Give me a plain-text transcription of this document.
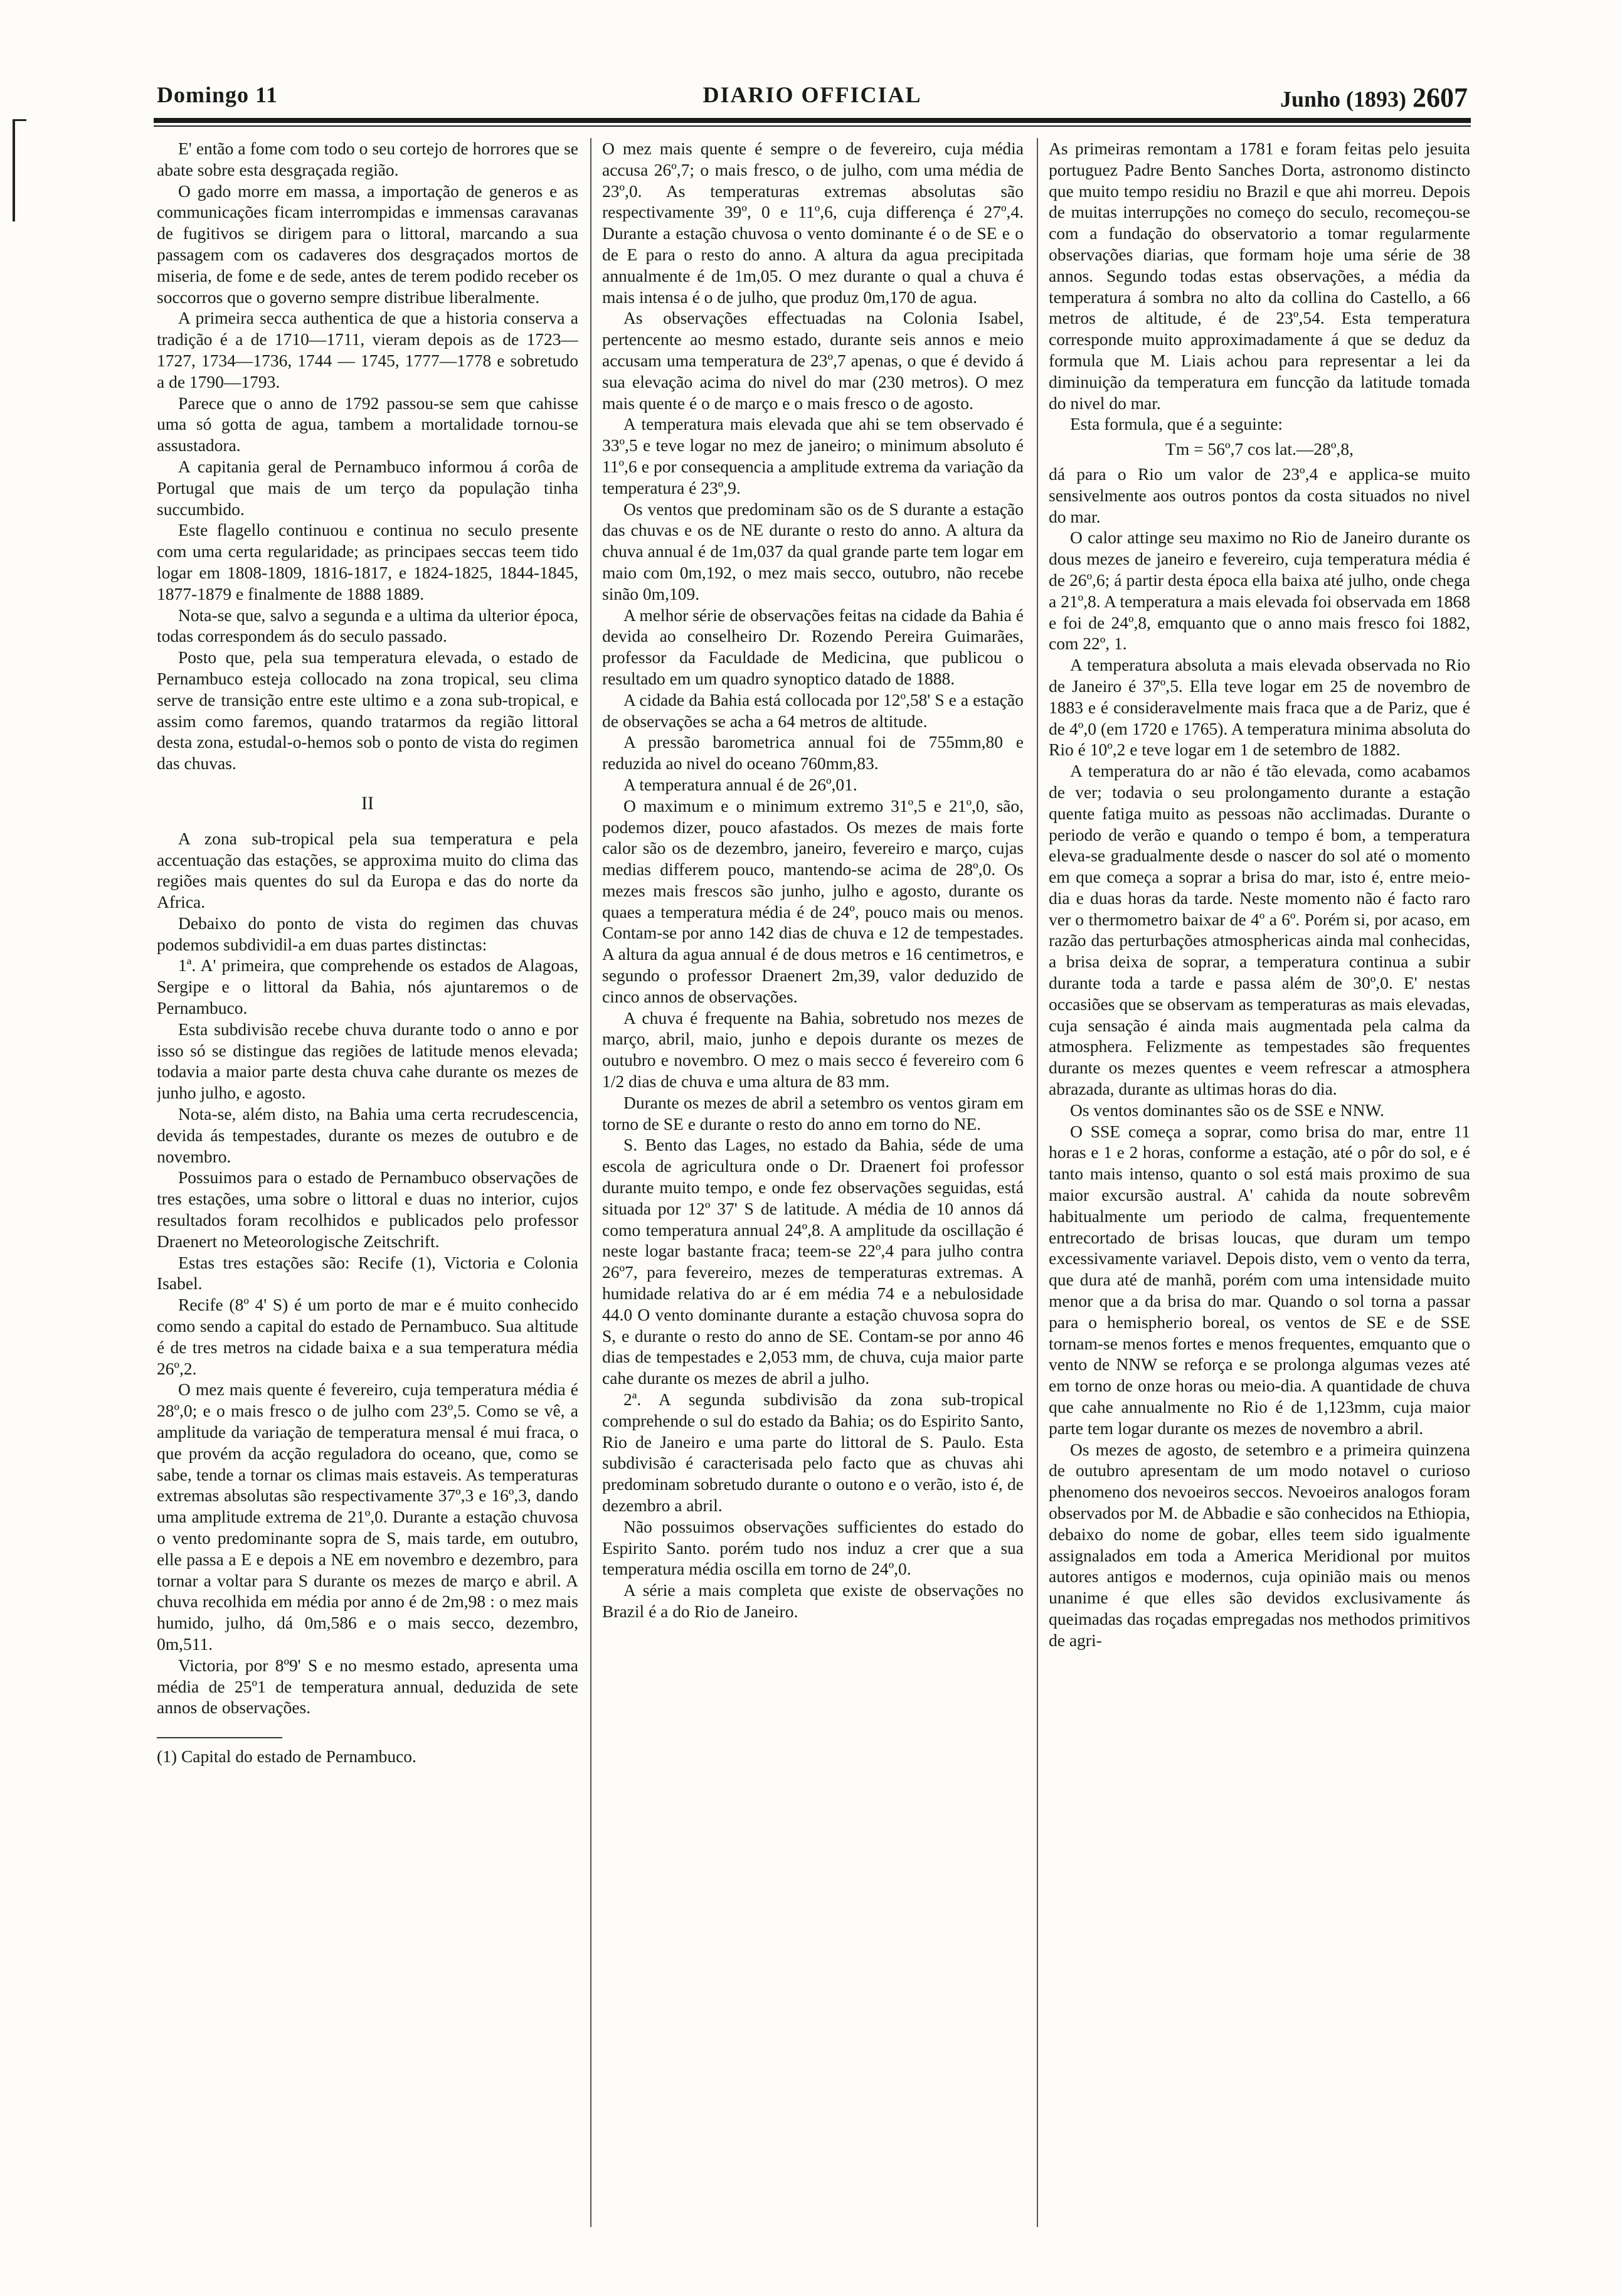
Domingo 11	DIARIO OFFICIAL	Junho (1893) 2607

E' então a fome com todo o seu cortejo de horrores que se abate sobre esta desgraçada região.

O gado morre em massa, a importação de generos e as communicações ficam interrompidas e immensas caravanas de fugitivos se dirigem para o littoral, marcando a sua passagem com os cadaveres dos desgraçados mortos de miseria, de fome e de sede, antes de terem podido receber os soccorros que o governo sempre distribue liberalmente.

A primeira secca authentica de que a historia conserva a tradição é a de 1710—1711, vieram depois as de 1723—1727, 1734—1736, 1744 — 1745, 1777—1778 e sobretudo a de 1790—1793.

Parece que o anno de 1792 passou-se sem que cahisse uma só gotta de agua, tambem a mortalidade tornou-se assustadora.

A capitania geral de Pernambuco informou á corôa de Portugal que mais de um terço da população tinha succumbido.

Este flagello continuou e continua no seculo presente com uma certa regularidade; as principaes seccas teem tido logar em 1808-1809, 1816-1817, e 1824-1825, 1844-1845, 1877-1879 e finalmente de 1888 1889.

Nota-se que, salvo a segunda e a ultima da ulterior época, todas correspondem ás do seculo passado.

Posto que, pela sua temperatura elevada, o estado de Pernambuco esteja collocado na zona tropical, seu clima serve de transição entre este ultimo e a zona sub-tropical, e assim como faremos, quando tratarmos da região littoral desta zona, estudal-o-hemos sob o ponto de vista do regimen das chuvas.

II

A zona sub-tropical pela sua temperatura e pela accentuação das estações, se approxima muito do clima das regiões mais quentes do sul da Europa e das do norte da Africa.

Debaixo do ponto de vista do regimen das chuvas podemos subdividil-a em duas partes distinctas:

1ª. A' primeira, que comprehende os estados de Alagoas, Sergipe e o littoral da Bahia, nós ajuntaremos o de Pernambuco.

Esta subdivisão recebe chuva durante todo o anno e por isso só se distingue das regiões de latitude menos elevada; todavia a maior parte desta chuva cahe durante os mezes de junho julho, e agosto.

Nota-se, além disto, na Bahia uma certa recrudescencia, devida ás tempestades, durante os mezes de outubro e de novembro.

Possuimos para o estado de Pernambuco observações de tres estações, uma sobre o littoral e duas no interior, cujos resultados foram recolhidos e publicados pelo professor Draenert no Meteorologische Zeitschrift.

Estas tres estações são: Recife (1), Victoria e Colonia Isabel.

Recife (8º 4' S) é um porto de mar e é muito conhecido como sendo a capital do estado de Pernambuco. Sua altitude é de tres metros na cidade baixa e a sua temperatura média 26º,2.

O mez mais quente é fevereiro, cuja temperatura média é 28º,0; e o mais fresco o de julho com 23º,5. Como se vê, a amplitude da variação de temperatura mensal é mui fraca, o que provém da acção reguladora do oceano, que, como se sabe, tende a tornar os climas mais estaveis. As temperaturas extremas absolutas são respectivamente 37º,3 e 16º,3, dando uma amplitude extrema de 21º,0. Durante a estação chuvosa o vento predominante sopra de S, mais tarde, em outubro, elle passa a E e depois a NE em novembro e dezembro, para tornar a voltar para S durante os mezes de março e abril. A chuva recolhida em média por anno é de 2m,98 : o mez mais humido, julho, dá 0m,586 e o mais secco, dezembro, 0m,511.

Victoria, por 8º9' S e no mesmo estado, apresenta uma média de 25º1 de temperatura annual, deduzida de sete annos de observações.

(1) Capital do estado de Pernambuco.

O mez mais quente é sempre o de fevereiro, cuja média accusa 26º,7; o mais fresco, o de julho, com uma média de 23º,0. As temperaturas extremas absolutas são respectivamente 39º, 0 e 11º,6, cuja differença é 27º,4. Durante a estação chuvosa o vento dominante é o de SE e o de E para o resto do anno. A altura da agua precipitada annualmente é de 1m,05. O mez durante o qual a chuva é mais intensa é o de julho, que produz 0m,170 de agua.

As observações effectuadas na Colonia Isabel, pertencente ao mesmo estado, durante seis annos e meio accusam uma temperatura de 23º,7 apenas, o que é devido á sua elevação acima do nivel do mar (230 metros). O mez mais quente é o de março e o mais fresco o de agosto.

A temperatura mais elevada que ahi se tem observado é 33º,5 e teve logar no mez de janeiro; o minimum absoluto é 11º,6 e por consequencia a amplitude extrema da variação da temperatura é 23º,9.

Os ventos que predominam são os de S durante a estação das chuvas e os de NE durante o resto do anno. A altura da chuva annual é de 1m,037 da qual grande parte tem logar em maio com 0m,192, o mez mais secco, outubro, não recebe sinão 0m,109.

A melhor série de observações feitas na cidade da Bahia é devida ao conselheiro Dr. Rozendo Pereira Guimarães, professor da Faculdade de Medicina, que publicou o resultado em um quadro synoptico datado de 1888.

A cidade da Bahia está collocada por 12º,58' S e a estação de observações se acha a 64 metros de altitude.

A pressão barometrica annual foi de 755mm,80 e reduzida ao nivel do oceano 760mm,83.

A temperatura annual é de 26º,01.

O maximum e o minimum extremo 31º,5 e 21º,0, são, podemos dizer, pouco afastados. Os mezes de mais forte calor são os de dezembro, janeiro, fevereiro e março, cujas medias differem pouco, mantendo-se acima de 28º,0. Os mezes mais frescos são junho, julho e agosto, durante os quaes a temperatura média é de 24º, pouco mais ou menos. Contam-se por anno 142 dias de chuva e 12 de tempestades. A altura da agua annual é de dous metros e 16 centimetros, e segundo o professor Draenert 2m,39, valor deduzido de cinco annos de observações.

A chuva é frequente na Bahia, sobretudo nos mezes de março, abril, maio, junho e depois durante os mezes de outubro e novembro. O mez o mais secco é fevereiro com 6 1/2 dias de chuva e uma altura de 83 mm.

Durante os mezes de abril a setembro os ventos giram em torno de SE e durante o resto do anno em torno do NE.

S. Bento das Lages, no estado da Bahia, séde de uma escola de agricultura onde o Dr. Draenert foi professor durante muito tempo, e onde fez observações seguidas, está situada por 12º 37' S de latitude. A média de 10 annos dá como temperatura annual 24º,8. A amplitude da oscillação é neste logar bastante fraca; teem-se 22º,4 para julho contra 26º7, para fevereiro, mezes de temperaturas extremas. A humidade relativa do ar é em média 74 e a nebulosidade 44.0 O vento dominante durante a estação chuvosa sopra do S, e durante o resto do anno de SE. Contam-se por anno 46 dias de tempestades e 2,053 mm, de chuva, cuja maior parte cahe durante os mezes de abril a julho.

2ª. A segunda subdivisão da zona sub-tropical comprehende o sul do estado da Bahia; os do Espirito Santo, Rio de Janeiro e uma parte do littoral de S. Paulo. Esta subdivisão é caracterisada pelo facto que as chuvas ahi predominam sobretudo durante o outono e o verão, isto é, de dezembro a abril.

Não possuimos observações sufficientes do estado do Espirito Santo. porém tudo nos induz a crer que a sua temperatura média oscilla em torno de 24º,0.

A série a mais completa que existe de observações no Brazil é a do Rio de Janeiro.

As primeiras remontam a 1781 e foram feitas pelo jesuita portuguez Padre Bento Sanches Dorta, astronomo distincto que muito tempo residiu no Brazil e que ahi morreu. Depois de muitas interrupções no começo do seculo, recomeçou-se com a fundação do observatorio a tomar regularmente observações diarias, que formam hoje uma série de 38 annos. Segundo todas estas observações, a média da temperatura á sombra no alto da collina do Castello, a 66 metros de altitude, é de 23º,54. Esta temperatura corresponde muito approximadamente á que se deduz da formula que M. Liais achou para representar a lei da diminuição da temperatura em funcção da latitude tomada do nivel do mar.

Esta formula, que é a seguinte:

Tm = 56º,7 cos lat.—28º,8,

dá para o Rio um valor de 23º,4 e applica-se muito sensivelmente aos outros pontos da costa situados no nivel do mar.

O calor attinge seu maximo no Rio de Janeiro durante os dous mezes de janeiro e fevereiro, cuja temperatura média é de 26º,6; á partir desta época ella baixa até julho, onde chega a 21º,8. A temperatura a mais elevada foi observada em 1868 e foi de 24º,8, emquanto que o anno mais fresco foi 1882, com 22º, 1.

A temperatura absoluta a mais elevada observada no Rio de Janeiro é 37º,5. Ella teve logar em 25 de novembro de 1883 e é consideravelmente mais fraca que a de Pariz, que é de 4º,0 (em 1720 e 1765). A temperatura minima absoluta do Rio é 10º,2 e teve logar em 1 de setembro de 1882.

A temperatura do ar não é tão elevada, como acabamos de ver; todavia o seu prolongamento durante a estação quente fatiga muito as pessoas não acclimadas. Durante o periodo de verão e quando o tempo é bom, a temperatura eleva-se gradualmente desde o nascer do sol até o momento em que começa a soprar a brisa do mar, isto é, entre meio-dia e duas horas da tarde. Neste momento não é facto raro ver o thermometro baixar de 4º a 6º. Porém si, por acaso, em razão das perturbações atmosphericas ainda mal conhecidas, a brisa deixa de soprar, a temperatura continua a subir durante toda a tarde e passa além de 30º,0. E' nestas occasiões que se observam as temperaturas as mais elevadas, cuja sensação é ainda mais augmentada pela calma da atmosphera. Felizmente as tempestades são frequentes durante os mezes quentes e veem refrescar a atmosphera abrazada, durante as ultimas horas do dia.

Os ventos dominantes são os de SSE e NNW.

O SSE começa a soprar, como brisa do mar, entre 11 horas e 1 e 2 horas, conforme a estação, até o pôr do sol, e é tanto mais intenso, quanto o sol está mais proximo de sua maior excursão austral. A' cahida da noute sobrevêm habitualmente um periodo de calma, frequentemente entrecortado de brisas loucas, que duram um tempo excessivamente variavel. Depois disto, vem o vento da terra, que dura até de manhã, porém com uma intensidade muito menor que a da brisa do mar. Quando o sol torna a passar para o hemispherio boreal, os ventos de SE e de SSE tornam-se menos fortes e menos frequentes, emquanto que o vento de NNW se reforça e se prolonga algumas vezes até em torno de onze horas ou meio-dia. A quantidade de chuva que cahe annualmente no Rio é de 1,123mm, cuja maior parte tem logar durante os mezes de novembro a abril.

Os mezes de agosto, de setembro e a primeira quinzena de outubro apresentam de um modo notavel o curioso phenomeno dos nevoeiros seccos. Nevoeiros analogos foram observados por M. de Abbadie e são conhecidos na Ethiopia, debaixo do nome de gobar, elles teem sido igualmente assignalados em toda a America Meridional por muitos autores antigos e modernos, cuja opinião mais ou menos unanime é que elles são devidos exclusivamente ás queimadas das roçadas empregadas nos methodos primitivos de agri-
